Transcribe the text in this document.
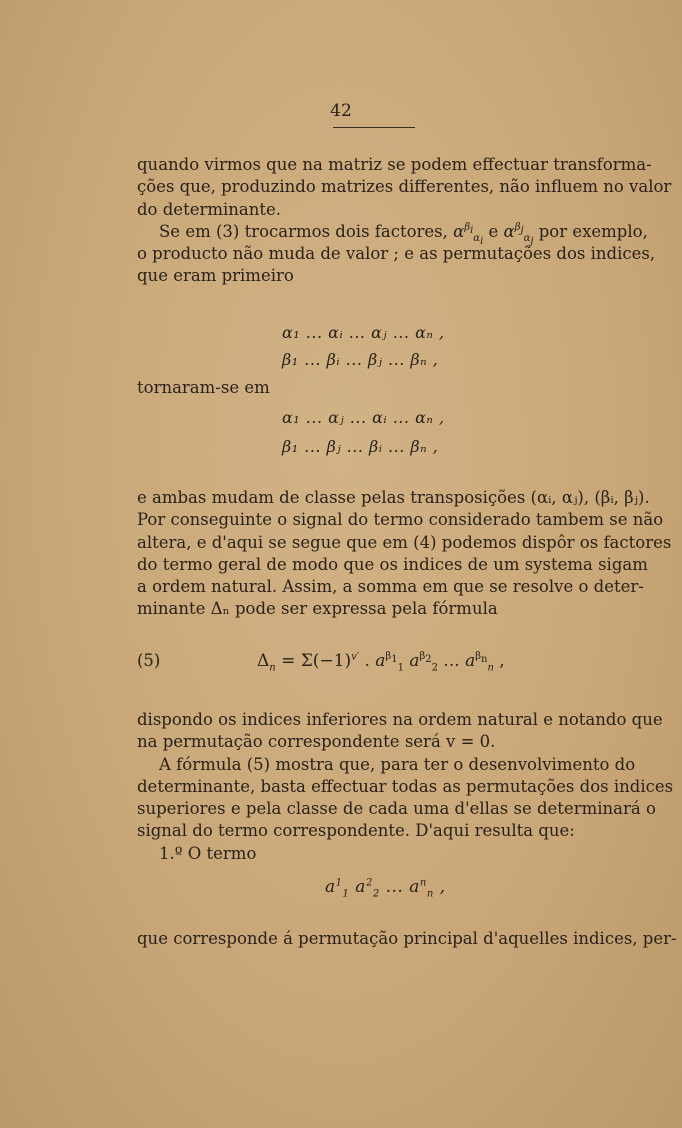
42
quando virmos que na matriz se podem effectuar transforma-
ções que, produzindo matrizes differentes, não influem no valor
do determinante.
Se em (3) trocarmos dois factores, $\alpha^{\beta_i}_{\alpha_i}$ e $\alpha^{\beta_j}_{\alpha_j}$ por exemplo,
o producto não muda de valor ; e as permutações dos indices,
que eram primeiro
α₁ ... αᵢ ... αⱼ ... αₙ ,
β₁ ... βᵢ ... βⱼ ... βₙ ,
tornaram-se em
α₁ ... αⱼ ... αᵢ ... αₙ ,
β₁ ... βⱼ ... βᵢ ... βₙ ,
e ambas mudam de classe pelas transposições (αᵢ, αⱼ), (βᵢ, βⱼ).
Por conseguinte o signal do termo considerado tambem se não
altera, e d'aqui se segue que em (4) podemos dispôr os factores
do termo geral de modo que os indices de um systema sigam
a ordem natural. Assim, a somma em que se resolve o deter-
minante Δₙ pode ser expressa pela fórmula
(5)	$\Delta_n = \Sigma(-1)^{v'}$ . $a^{\beta_1}_1$ $a^{\beta_2}_2$ ... $a^{\beta_n}_n$ ,
dispondo os indices inferiores na ordem natural e notando que
na permutação correspondente será v = 0.
A fórmula (5) mostra que, para ter o desenvolvimento do
determinante, basta effectuar todas as permutações dos indices
superiores e pela classe de cada uma d'ellas se determinará o
signal do termo correspondente. D'aqui resulta que:
1.º O termo
$a^1_1$ $a^2_2$ ... $a^n_n$ ,
que corresponde á permutação principal d'aquelles indices, per-
